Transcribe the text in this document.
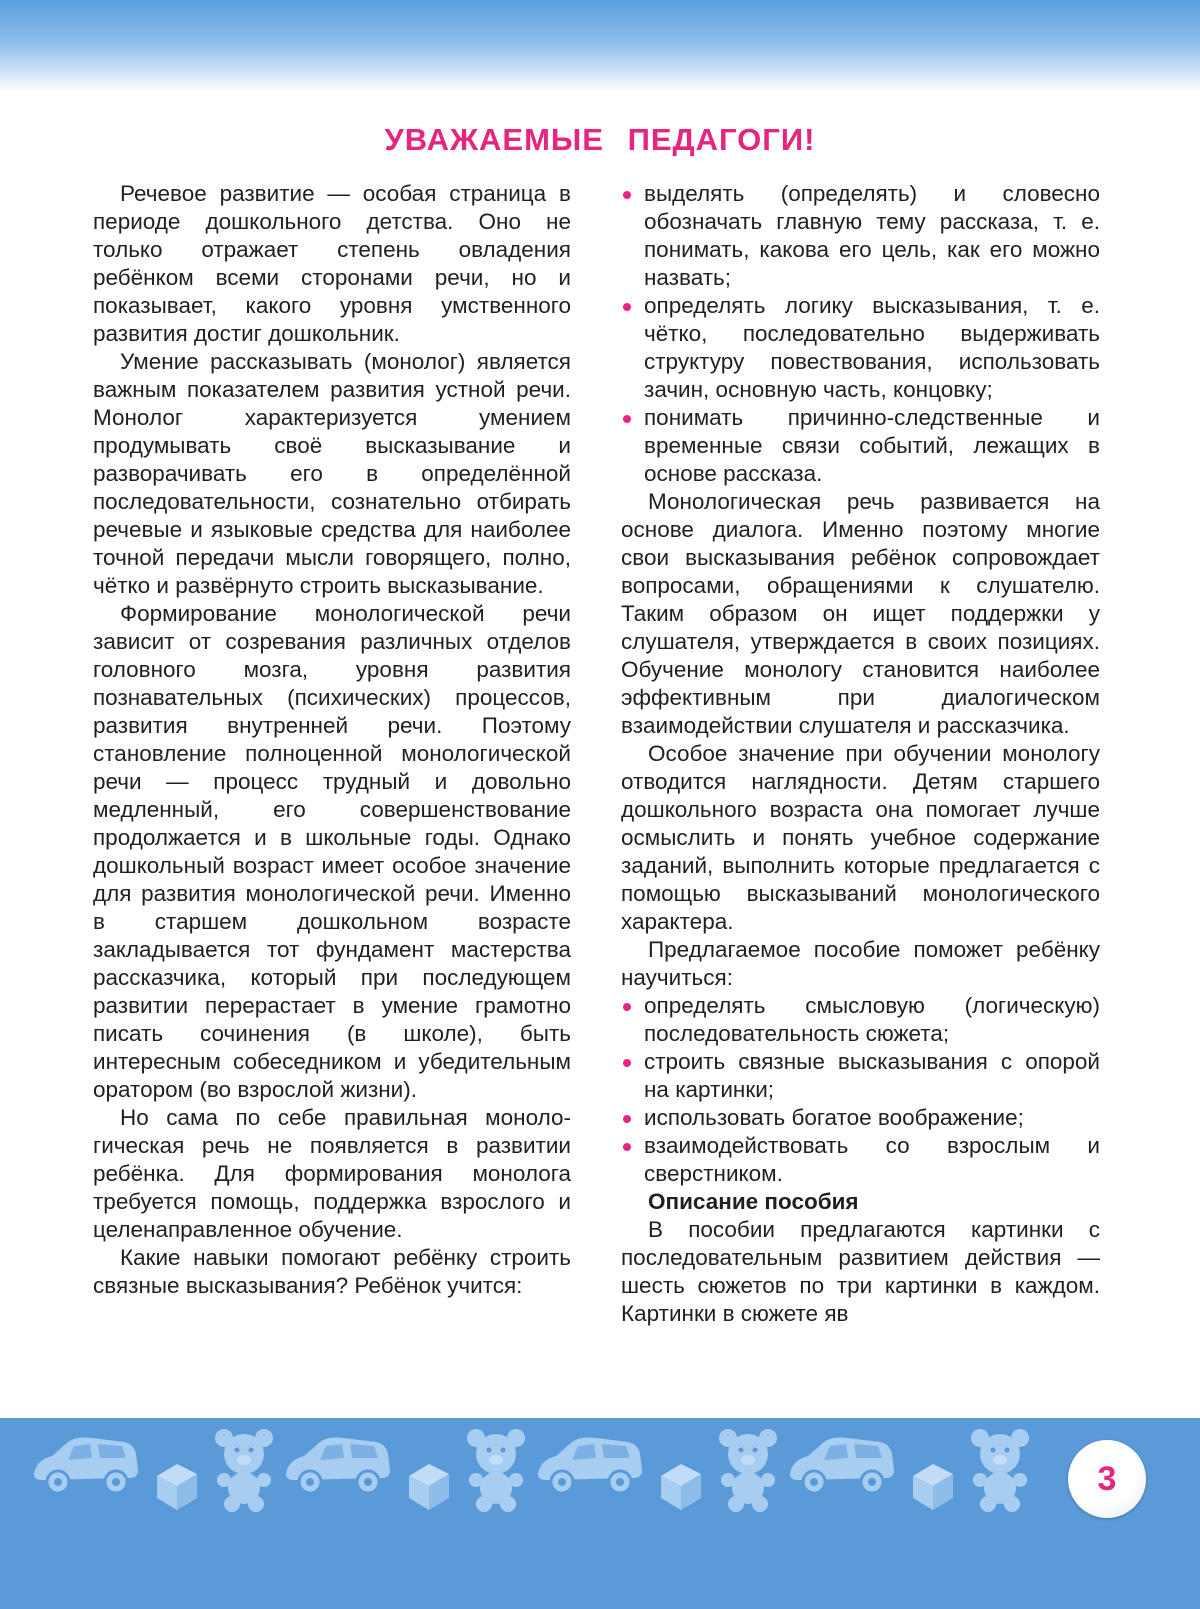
УВАЖАЕМЫЕ ПЕДАГОГИ!

Речевое развитие — особая страница в периоде дошкольного детства. Оно не только отражает степень овладения ребёнком всеми сторонами речи, но и показывает, какого уровня умственного развития достиг дошкольник.

Умение рассказывать (монолог) является важным показателем развития устной речи. Монолог характеризуется умением продумывать своё высказывание и разворачивать его в определённой последовательности, сознательно отбирать речевые и языковые средства для наиболее точной передачи мысли говорящего, полно, чётко и развёрнуто строить высказывание.

Формирование монологической речи зависит от созревания различных отделов головного мозга, уровня развития познавательных (психических) процессов, развития внутренней речи. Поэтому становление полноценной монологической речи — процесс трудный и довольно медленный, его совершенствование продолжается и в школьные годы. Однако дошкольный возраст имеет особое значение для развития монологической речи. Именно в старшем дошкольном возрасте закладывается тот фундамент мастерства рассказчика, который при последующем развитии перерастает в умение грамотно писать сочинения (в школе), быть интересным собеседником и убедительным оратором (во взрослой жизни).

Но сама по себе правильная монологическая речь не появляется в развитии ребёнка. Для формирования монолога требуется помощь, поддержка взрослого и целенаправленное обучение.

Какие навыки помогают ребёнку строить связные высказывания? Ребёнок учится:

выделять (определять) и словесно обозначать главную тему рассказа, т. е. понимать, какова его цель, как его можно назвать;
определять логику высказывания, т. е. чётко, последовательно выдерживать структуру повествования, использовать зачин, основную часть, концовку;
понимать причинно-следственные и временные связи событий, лежащих в основе рассказа.

Монологическая речь развивается на основе диалога. Именно поэтому многие свои высказывания ребёнок сопровождает вопросами, обращениями к слушателю. Таким образом он ищет поддержки у слушателя, утверждается в своих позициях. Обучение монологу становится наиболее эффективным при диалогическом взаимодействии слушателя и рассказчика.

Особое значение при обучении монологу отводится наглядности. Детям старшего дошкольного возраста она помогает лучше осмыслить и понять учебное содержание заданий, выполнить которые предлагается с помощью высказываний монологического характера.

Предлагаемое пособие поможет ребёнку научиться:

определять смысловую (логическую) последовательность сюжета;
строить связные высказывания с опорой на картинки;
использовать богатое воображение;
взаимодействовать со взрослым и сверстником.

Описание пособия

В пособии предлагаются картинки с последовательным развитием действия — шесть сюжетов по три картинки в каждом. Картинки в сюжете яв

3
